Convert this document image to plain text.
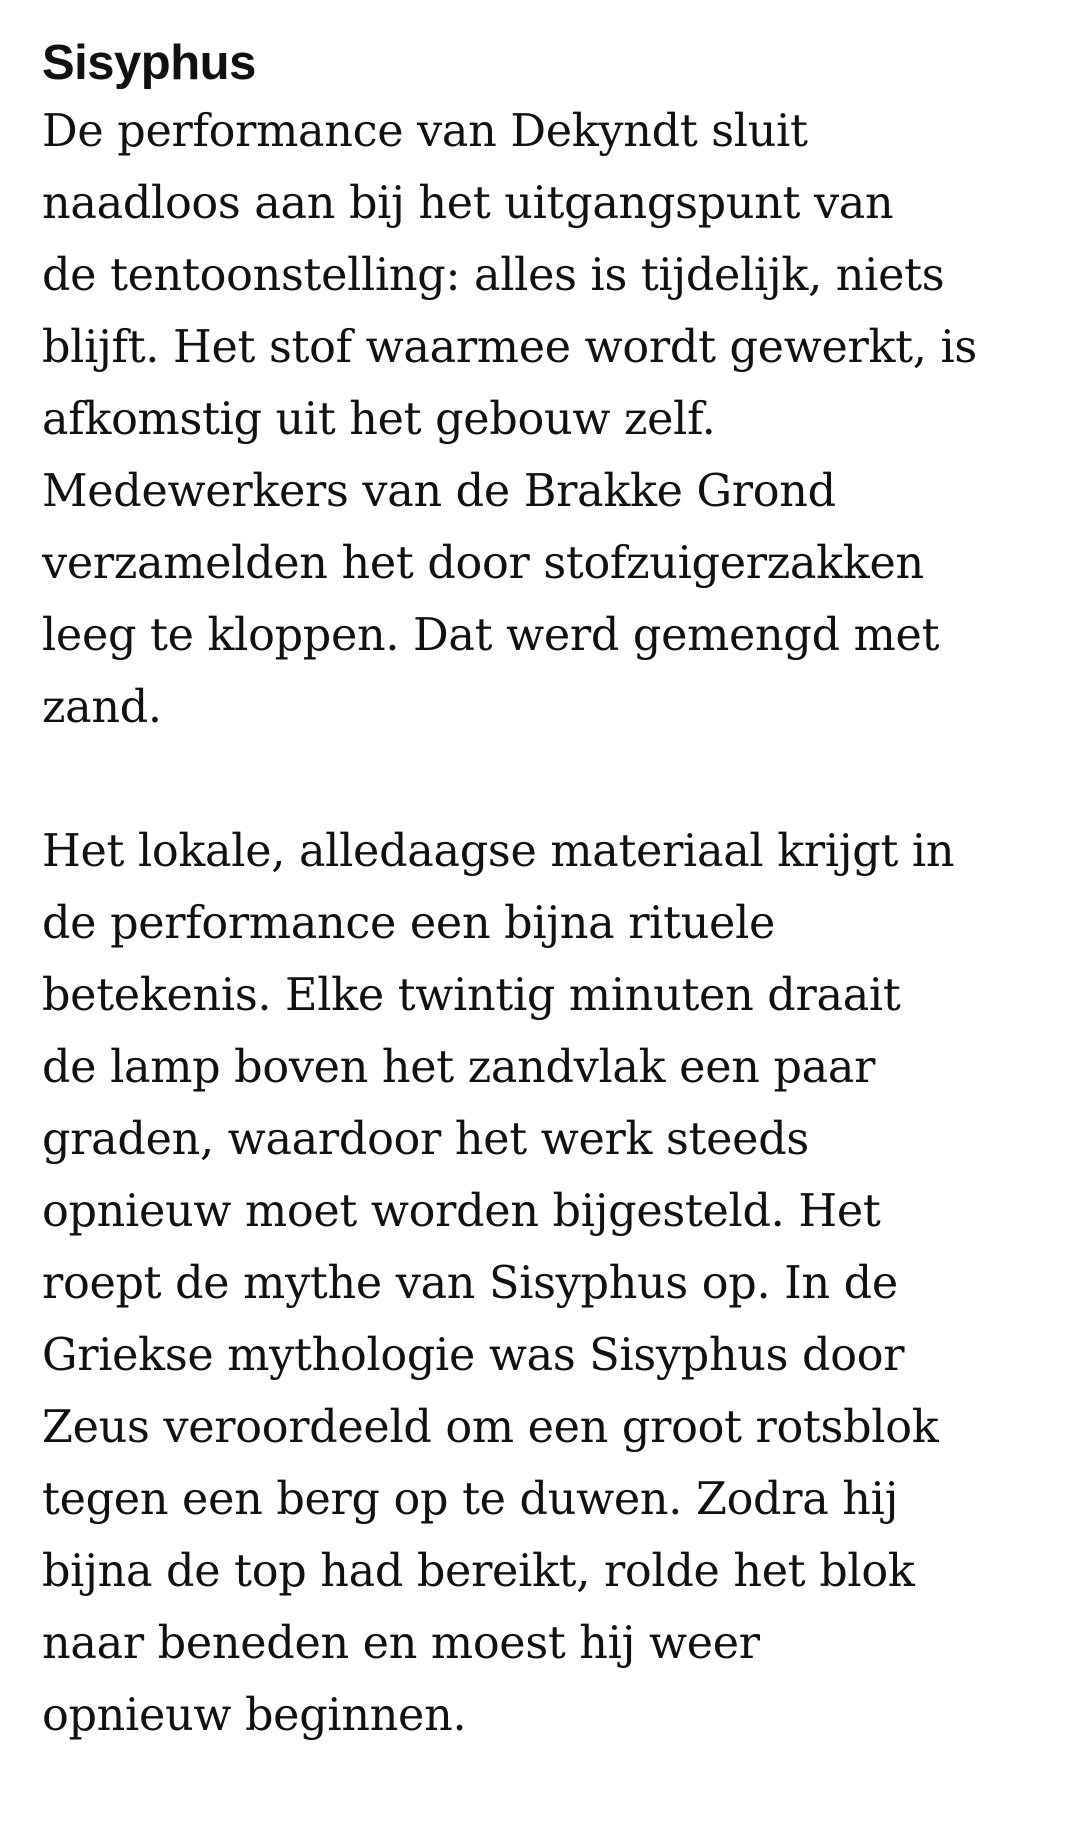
Sisyphus

De performance van Dekyndt sluit
naadloos aan bij het uitgangspunt van
de tentoonstelling: alles is tijdelijk, niets
blijft. Het stof waarmee wordt gewerkt, is
afkomstig uit het gebouw zelf.
Medewerkers van de Brakke Grond
verzamelden het door stofzuigerzakken
leeg te kloppen. Dat werd gemengd met
zand.

Het lokale, alledaagse materiaal krijgt in
de performance een bijna rituele
betekenis. Elke twintig minuten draait
de lamp boven het zandvlak een paar
graden, waardoor het werk steeds
opnieuw moet worden bijgesteld. Het
roept de mythe van Sisyphus op. In de
Griekse mythologie was Sisyphus door
Zeus veroordeeld om een groot rotsblok
tegen een berg op te duwen. Zodra hij
bijna de top had bereikt, rolde het blok
naar beneden en moest hij weer
opnieuw beginnen.
